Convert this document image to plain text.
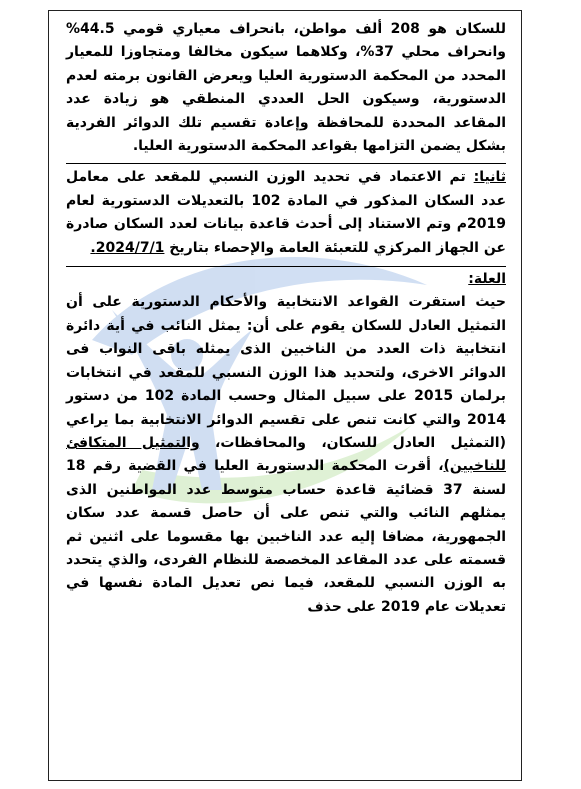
للسكان هو 208 ألف مواطن، بانحراف معياري قومي 44.5% وانحراف محلي 37%، وكلاهما سيكون مخالفا ومتجاوزا للمعيار المحدد من المحكمة الدستورية العليا ويعرض القانون برمته لعدم الدستورية، وسيكون الحل العددي المنطقي هو زيادة عدد المقاعد المحددة للمحافظة وإعادة تقسيم تلك الدوائر الفردية بشكل يضمن التزامها بقواعد المحكمة الدستورية العليا.

ثانيا: تم الاعتماد في تحديد الوزن النسبي للمقعد على معامل عدد السكان المذكور في المادة 102 بالتعديلات الدستورية لعام 2019م وتم الاستناد إلى أحدث قاعدة بيانات لعدد السكان صادرة عن الجهاز المركزي للتعبئة العامة والإحصاء بتاريخ 2024/7/1.
العلة:

حيث استقرت القواعد الانتخابية والأحكام الدستورية على أن التمثيل العادل للسكان يقوم على أن: يمثل النائب في أية دائرة انتخابية ذات العدد من الناخبين الذى يمثله باقى النواب فى الدوائر الاخرى، ولتحديد هذا الوزن النسبي للمقعد في انتخابات برلمان 2015 على سبيل المثال وحسب المادة 102 من دستور 2014 والتي كانت تنص على تقسيم الدوائر الانتخابية بما يراعي (التمثيل العادل للسكان، والمحافظات، والتمثيل المتكافئ للناخبين)، أقرت المحكمة الدستورية العليا في القضية رقم 18 لسنة 37 قضائية قاعدة حساب متوسط عدد المواطنين الذى يمثلهم النائب والتي تنص على أن حاصل قسمة عدد سكان الجمهورية، مضافا إليه عدد الناخبين بها مقسوما على اثنين ثم قسمته على عدد المقاعد المخصصة للنظام الفردى، والذي يتحدد به الوزن النسبي للمقعد، فيما نص تعديل المادة نفسها في تعديلات عام 2019 على حذف
